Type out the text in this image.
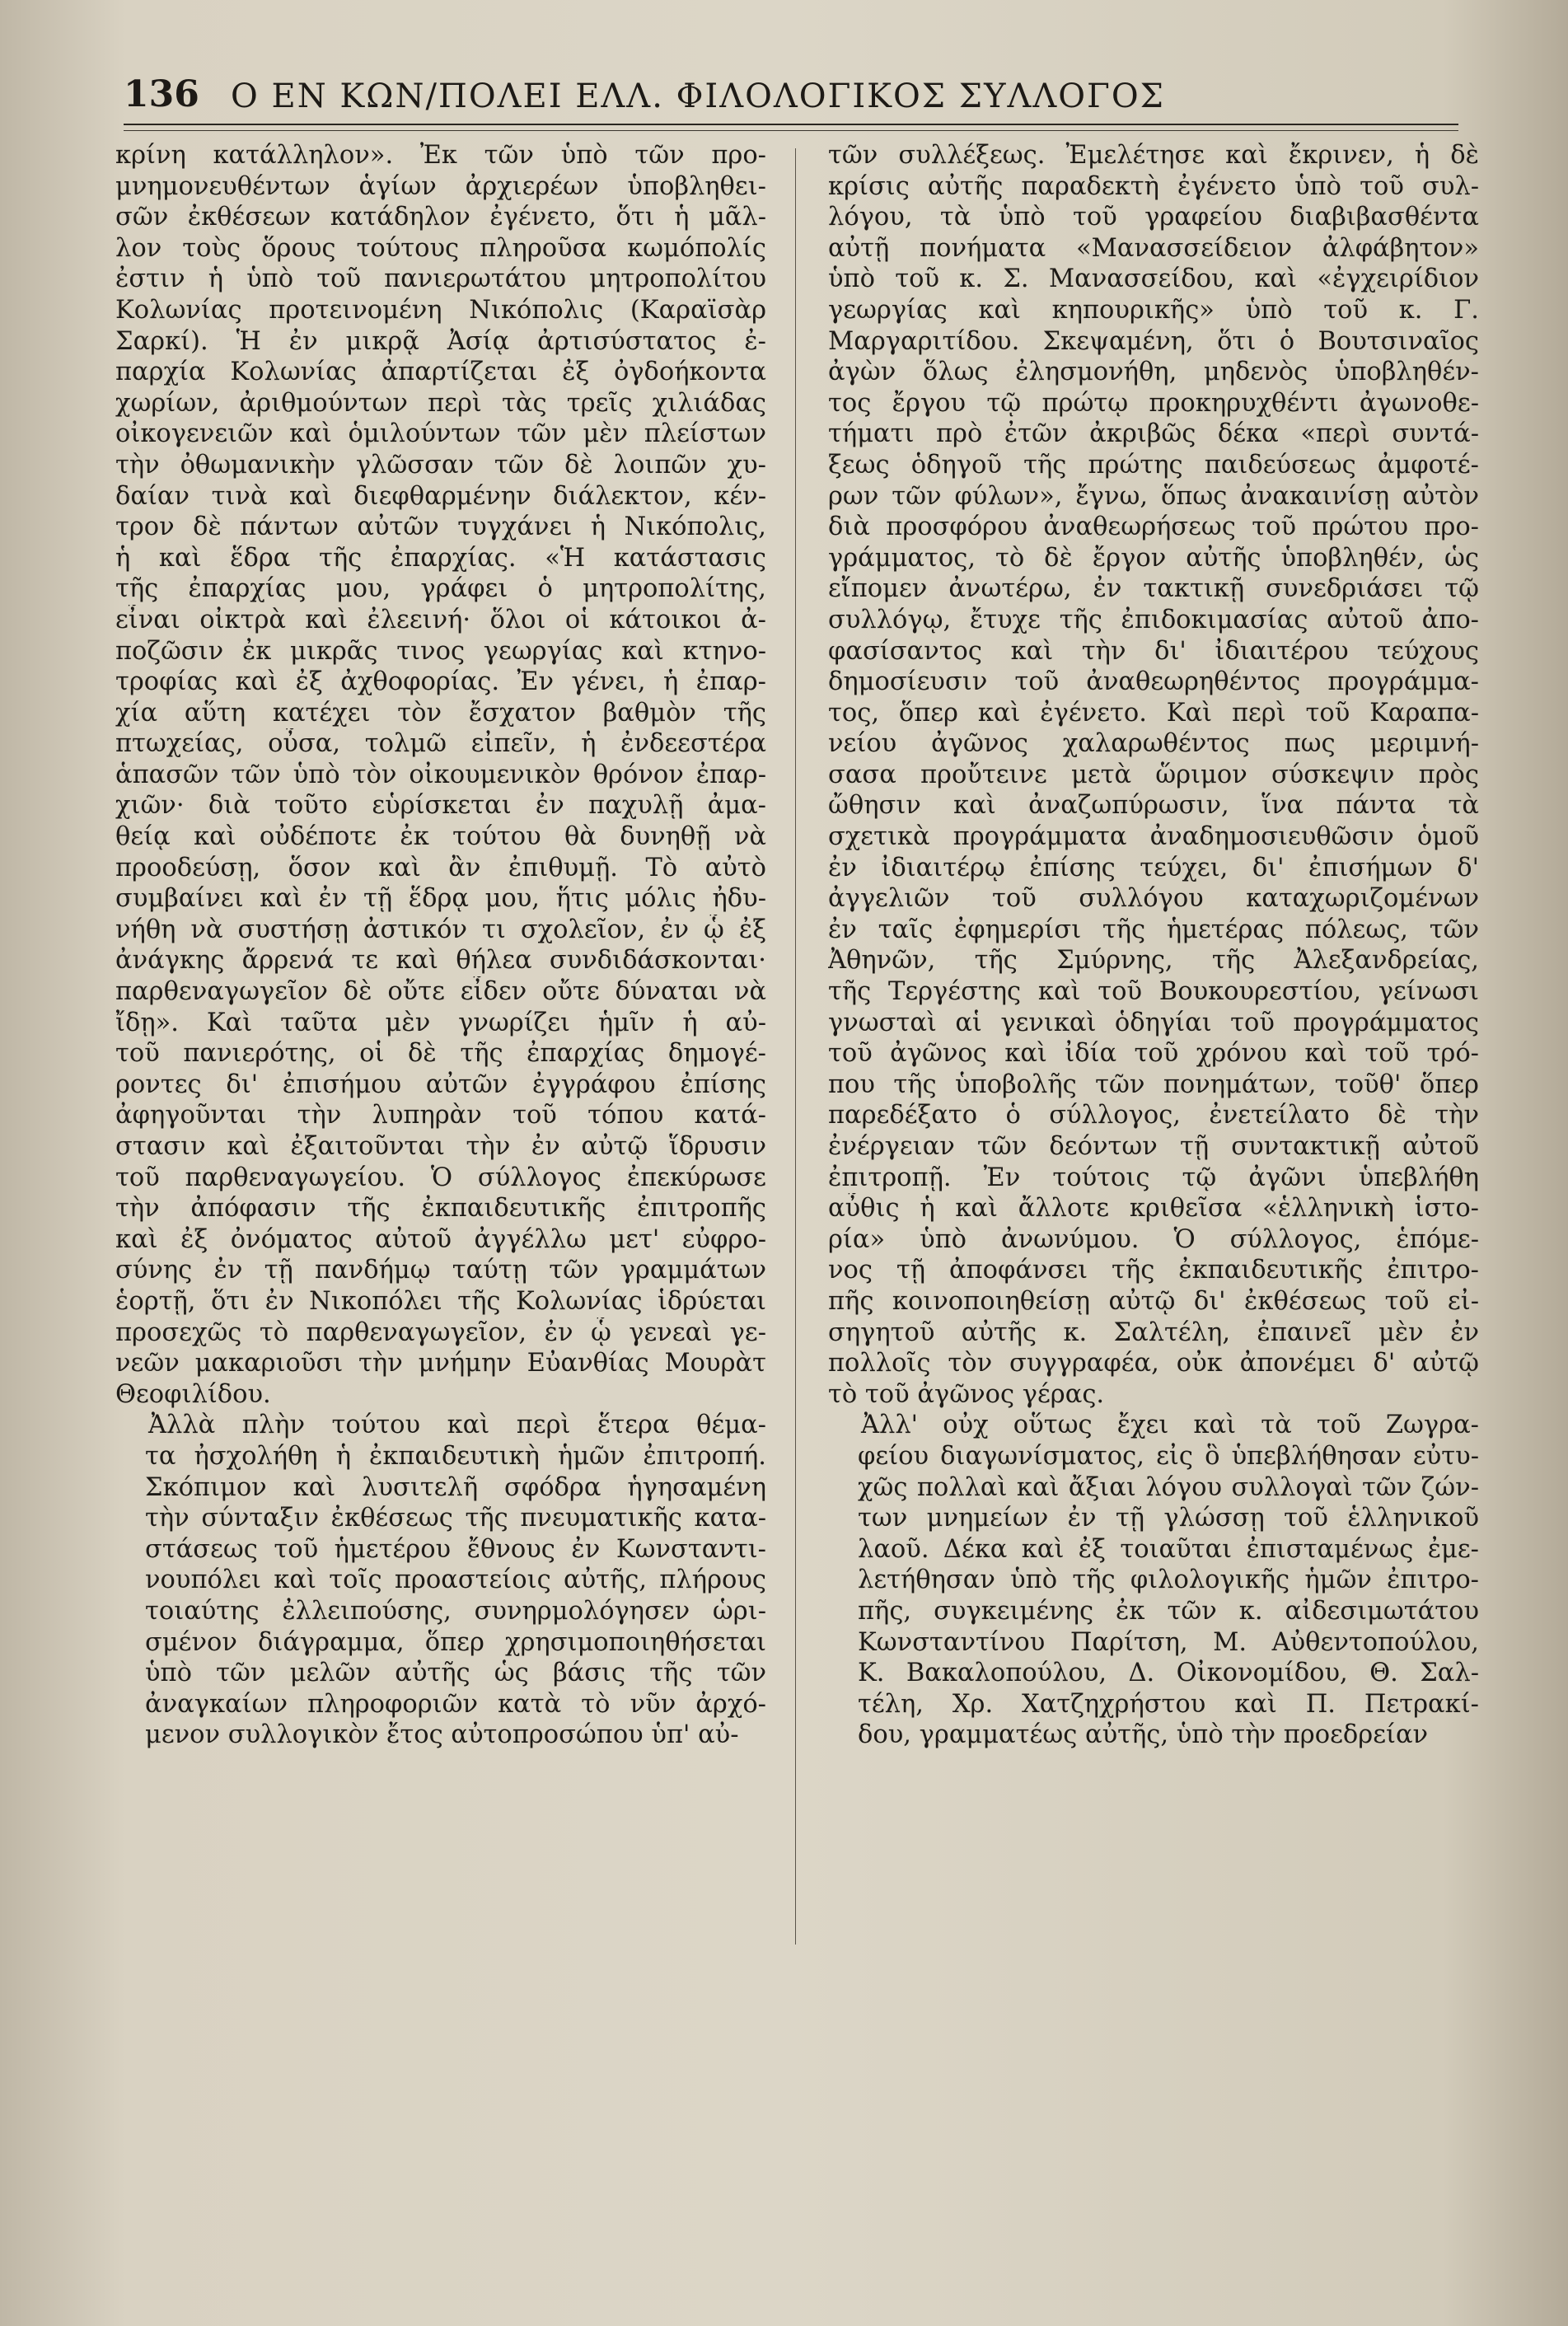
136 Ο ΕΝ ΚΩΝ/ΠΟΛΕΙ ΕΛΛ. ΦΙΛΟΛΟΓΙΚΟΣ ΣΥΛΛΟΓΟΣ

κρίνη κατάλληλον». Ἐκ τῶν ὑπὸ τῶν προ-
μνημονευθέντων ἁγίων ἀρχιερέων ὑποβληθει-
σῶν ἐκθέσεων κατάδηλον ἐγένετο, ὅτι ἡ μᾶλ-
λον τοὺς ὅρους τούτους πληροῦσα κωμόπολίς
ἐστιν ἡ ὑπὸ τοῦ πανιερωτάτου μητροπολίτου
Κολωνίας προτεινομένη Νικόπολις (Καραϊσὰρ
Σαρκί). Ἡ ἐν μικρᾷ Ἀσίᾳ ἀρτισύστατος ἐ-
παρχία Κολωνίας ἀπαρτίζεται ἐξ ὀγδοήκοντα
χωρίων, ἀριθμούντων περὶ τὰς τρεῖς χιλιάδας
οἰκογενειῶν καὶ ὁμιλούντων τῶν μὲν πλείστων
τὴν ὀθωμανικὴν γλῶσσαν τῶν δὲ λοιπῶν χυ-
δαίαν τινὰ καὶ διεφθαρμένην διάλεκτον, κέν-
τρον δὲ πάντων αὐτῶν τυγχάνει ἡ Νικόπολις,
ἡ καὶ ἕδρα τῆς ἐπαρχίας. «Ἡ κατάστασις
τῆς ἐπαρχίας μου, γράφει ὁ μητροπολίτης,
εἶναι οἰκτρὰ καὶ ἐλεεινή· ὅλοι οἱ κάτοικοι ἀ-
ποζῶσιν ἐκ μικρᾶς τινος γεωργίας καὶ κτηνο-
τροφίας καὶ ἐξ ἀχθοφορίας. Ἐν γένει, ἡ ἐπαρ-
χία αὕτη κατέχει τὸν ἔσχατον βαθμὸν τῆς
πτωχείας, οὖσα, τολμῶ εἰπεῖν, ἡ ἐνδεεστέρα
ἁπασῶν τῶν ὑπὸ τὸν οἰκουμενικὸν θρόνον ἐπαρ-
χιῶν· διὰ τοῦτο εὑρίσκεται ἐν παχυλῇ ἀμα-
θείᾳ καὶ οὐδέποτε ἐκ τούτου θὰ δυνηθῇ νὰ
προοδεύσῃ, ὅσον καὶ ἂν ἐπιθυμῇ. Τὸ αὐτὸ
συμβαίνει καὶ ἐν τῇ ἕδρᾳ μου, ἥτις μόλις ἠδυ-
νήθη νὰ συστήσῃ ἀστικόν τι σχολεῖον, ἐν ᾧ ἐξ
ἀνάγκης ἄρρενά τε καὶ θήλεα συνδιδάσκονται·
παρθεναγωγεῖον δὲ οὔτε εἶδεν οὔτε δύναται νὰ
ἴδῃ». Καὶ ταῦτα μὲν γνωρίζει ἡμῖν ἡ αὐ-
τοῦ πανιερότης, οἱ δὲ τῆς ἐπαρχίας δημογέ-
ροντες δι' ἐπισήμου αὐτῶν ἐγγράφου ἐπίσης
ἀφηγοῦνται τὴν λυπηρὰν τοῦ τόπου κατά-
στασιν καὶ ἐξαιτοῦνται τὴν ἐν αὐτῷ ἵδρυσιν
τοῦ παρθεναγωγείου. Ὁ σύλλογος ἐπεκύρωσε
τὴν ἀπόφασιν τῆς ἐκπαιδευτικῆς ἐπιτροπῆς
καὶ ἐξ ὀνόματος αὐτοῦ ἀγγέλλω μετ' εὐφρο-
σύνης ἐν τῇ πανδήμῳ ταύτῃ τῶν γραμμάτων
ἑορτῇ, ὅτι ἐν Νικοπόλει τῆς Κολωνίας ἱδρύεται
προσεχῶς τὸ παρθεναγωγεῖον, ἐν ᾧ γενεαὶ γε-
νεῶν μακαριοῦσι τὴν μνήμην Εὐανθίας Μουρὰτ
Θεοφιλίδου.

Ἀλλὰ πλὴν τούτου καὶ περὶ ἕτερα θέμα-
τα ἠσχολήθη ἡ ἐκπαιδευτικὴ ἡμῶν ἐπιτροπή.
Σκόπιμον καὶ λυσιτελῆ σφόδρα ἡγησαμένη
τὴν σύνταξιν ἐκθέσεως τῆς πνευματικῆς κατα-
στάσεως τοῦ ἡμετέρου ἔθνους ἐν Κωνσταντι-
νουπόλει καὶ τοῖς προαστείοις αὐτῆς, πλήρους
τοιαύτης ἐλλειπούσης, συνηρμολόγησεν ὡρι-
σμένον διάγραμμα, ὅπερ χρησιμοποιηθήσεται
ὑπὸ τῶν μελῶν αὐτῆς ὡς βάσις τῆς τῶν
ἀναγκαίων πληροφοριῶν κατὰ τὸ νῦν ἀρχό-
μενον συλλογικὸν ἔτος αὐτοπροσώπου ὑπ' αὐ-

τῶν συλλέξεως. Ἐμελέτησε καὶ ἔκρινεν, ἡ δὲ
κρίσις αὐτῆς παραδεκτὴ ἐγένετο ὑπὸ τοῦ συλ-
λόγου, τὰ ὑπὸ τοῦ γραφείου διαβιβασθέντα
αὐτῇ πονήματα «Μανασσείδειον ἀλφάβητον»
ὑπὸ τοῦ κ. Σ. Μανασσείδου, καὶ «ἐγχειρίδιον
γεωργίας καὶ κηπουρικῆς» ὑπὸ τοῦ κ. Γ.
Μαργαριτίδου. Σκεψαμένη, ὅτι ὁ Βουτσιναῖος
ἀγὼν ὅλως ἐλησμονήθη, μηδενὸς ὑποβληθέν-
τος ἔργου τῷ πρώτῳ προκηρυχθέντι ἀγωνοθε-
τήματι πρὸ ἐτῶν ἀκριβῶς δέκα «περὶ συντά-
ξεως ὁδηγοῦ τῆς πρώτης παιδεύσεως ἀμφοτέ-
ρων τῶν φύλων», ἔγνω, ὅπως ἀνακαινίσῃ αὐτὸν
διὰ προσφόρου ἀναθεωρήσεως τοῦ πρώτου προ-
γράμματος, τὸ δὲ ἔργον αὐτῆς ὑποβληθέν, ὡς
εἴπομεν ἀνωτέρω, ἐν τακτικῇ συνεδριάσει τῷ
συλλόγῳ, ἔτυχε τῆς ἐπιδοκιμασίας αὐτοῦ ἀπο-
φασίσαντος καὶ τὴν δι' ἰδιαιτέρου τεύχους
δημοσίευσιν τοῦ ἀναθεωρηθέντος προγράμμα-
τος, ὅπερ καὶ ἐγένετο. Καὶ περὶ τοῦ Καραπα-
νείου ἀγῶνος χαλαρωθέντος πως μεριμνή-
σασα προὔτεινε μετὰ ὥριμον σύσκεψιν πρὸς
ὤθησιν καὶ ἀναζωπύρωσιν, ἵνα πάντα τὰ
σχετικὰ προγράμματα ἀναδημοσιευθῶσιν ὁμοῦ
ἐν ἰδιαιτέρῳ ἐπίσης τεύχει, δι' ἐπισήμων δ'
ἀγγελιῶν τοῦ συλλόγου καταχωριζομένων
ἐν ταῖς ἐφημερίσι τῆς ἡμετέρας πόλεως, τῶν
Ἀθηνῶν, τῆς Σμύρνης, τῆς Ἀλεξανδρείας,
τῆς Τεργέστης καὶ τοῦ Βουκουρεστίου, γείνωσι
γνωσταὶ αἱ γενικαὶ ὁδηγίαι τοῦ προγράμματος
τοῦ ἀγῶνος καὶ ἰδία τοῦ χρόνου καὶ τοῦ τρό-
που τῆς ὑποβολῆς τῶν πονημάτων, τοῦθ' ὅπερ
παρεδέξατο ὁ σύλλογος, ἐνετείλατο δὲ τὴν
ἐνέργειαν τῶν δεόντων τῇ συντακτικῇ αὐτοῦ
ἐπιτροπῇ. Ἐν τούτοις τῷ ἀγῶνι ὑπεβλήθη
αὖθις ἡ καὶ ἄλλοτε κριθεῖσα «ἑλληνικὴ ἱστο-
ρία» ὑπὸ ἀνωνύμου. Ὁ σύλλογος, ἑπόμε-
νος τῇ ἀποφάνσει τῆς ἐκπαιδευτικῆς ἐπιτρο-
πῆς κοινοποιηθείσῃ αὐτῷ δι' ἐκθέσεως τοῦ εἰ-
σηγητοῦ αὐτῆς κ. Σαλτέλη, ἐπαινεῖ μὲν ἐν
πολλοῖς τὸν συγγραφέα, οὐκ ἀπονέμει δ' αὐτῷ
τὸ τοῦ ἀγῶνος γέρας.

Ἀλλ' οὐχ οὕτως ἔχει καὶ τὰ τοῦ Ζωγρα-
φείου διαγωνίσματος, εἰς ὃ ὑπεβλήθησαν εὐτυ-
χῶς πολλαὶ καὶ ἄξιαι λόγου συλλογαὶ τῶν ζών-
των μνημείων ἐν τῇ γλώσσῃ τοῦ ἑλληνικοῦ
λαοῦ. Δέκα καὶ ἐξ τοιαῦται ἐπισταμένως ἐμε-
λετήθησαν ὑπὸ τῆς φιλολογικῆς ἡμῶν ἐπιτρο-
πῆς, συγκειμένης ἐκ τῶν κ. αἰδεσιμωτάτου
Κωνσταντίνου Παρίτση, Μ. Αὐθεντοπούλου,
Κ. Βακαλοπούλου, Δ. Οἰκονομίδου, Θ. Σαλ-
τέλη, Χρ. Χατζηχρήστου καὶ Π. Πετρακί-
δου, γραμματέως αὐτῆς, ὑπὸ τὴν προεδρείαν
